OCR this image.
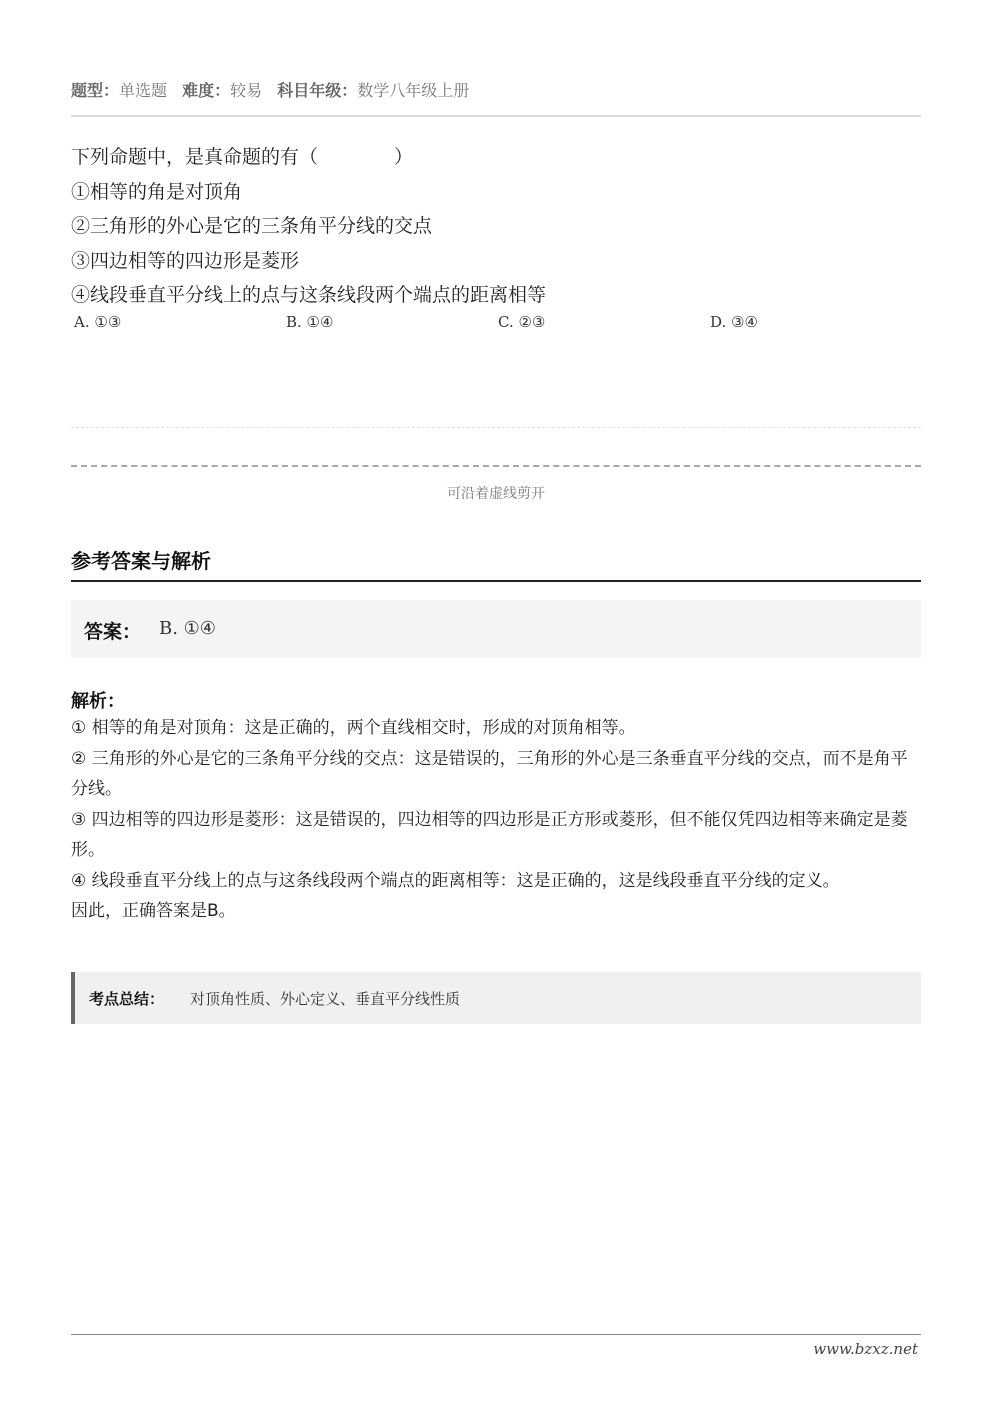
题型：单选题 难度：较易 科目年级：数学八年级上册
下列命题中，是真命题的有（　　　　）
①相等的角是对顶角
②三角形的外心是它的三条角平分线的交点
③四边相等的四边形是菱形
④线段垂直平分线上的点与这条线段两个端点的距离相等
A. ①③	B. ①④	C. ②③	D. ③④
可沿着虚线剪开
参考答案与解析
答案： B. ①④
解析：

① 相等的角是对顶角：这是正确的，两个直线相交时，形成的对顶角相等。

② 三角形的外心是它的三条角平分线的交点：这是错误的，三角形的外心是三条垂直平分线的交点，而不是角平分线。

③ 四边相等的四边形是菱形：这是错误的，四边相等的四边形是正方形或菱形，但不能仅凭四边相等来确定是菱形。

④ 线段垂直平分线上的点与这条线段两个端点的距离相等：这是正确的，这是线段垂直平分线的定义。

因此，正确答案是B。

考点总结： 对顶角性质、外心定义、垂直平分线性质
www.bzxz.net
